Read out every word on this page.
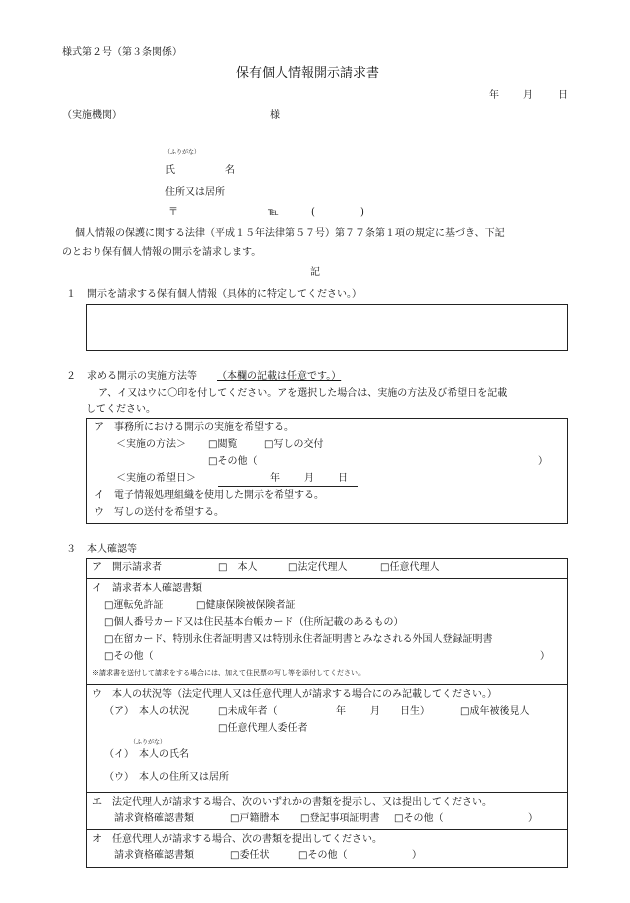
様式第２号（第３条関係）
保有個人情報開示請求書
年 月	日
（実施機関）	様
（ふりがな）
氏	名
住所又は居所
〒	℡	(	)
個人情報の保護に関する法律（平成１５年法律第５７号）第７７条第１項の規定に基づき、下記
のとおり保有個人情報の開示を請求します。
記
１ 開示を請求する保有個人情報（具体的に特定してください。）
２ 求める開示の実施方法等 （本欄の記載は任意です。）
ア、イ又はウに〇印を付してください。アを選択した場合は、実施の方法及び希望日を記載
してください。
ア　事務所における開示の実施を希望する。
＜実施の方法＞ □閲覧	□写しの交付
□その他（	）
＜実施の希望日＞	年 月 日
イ　電子情報処理組織を使用した開示を希望する。
ウ　写しの送付を希望する。
３ 本人確認等
ア　開示請求者	□　本人	□法定代理人	□任意代理人
イ　請求者本人確認書類
□運転免許証	□健康保険被保険者証
□個人番号カード又は住民基本台帳カード（住所記載のあるもの）
□在留カード、特別永住者証明書又は特別永住者証明書とみなされる外国人登録証明書
□その他（	）
※請求書を送付して請求をする場合には、加えて住民票の写し等を添付してください。
ウ　本人の状況等（法定代理人又は任意代理人が請求する場合にのみ記載してください。）
（ア）　本人の状況	□未成年者（	年 月 日生）	□成年被後見人
□任意代理人委任者
（ふりがな）
（イ）　本人の氏名
（ウ）　本人の住所又は居所
エ　法定代理人が請求する場合、次のいずれかの書類を提示し、又は提出してください。
請求資格確認書類	□戸籍謄本 □登記事項証明書 □その他（	）
オ　任意代理人が請求する場合、次の書類を提出してください。
請求資格確認書類	□委任状	□その他（	）
